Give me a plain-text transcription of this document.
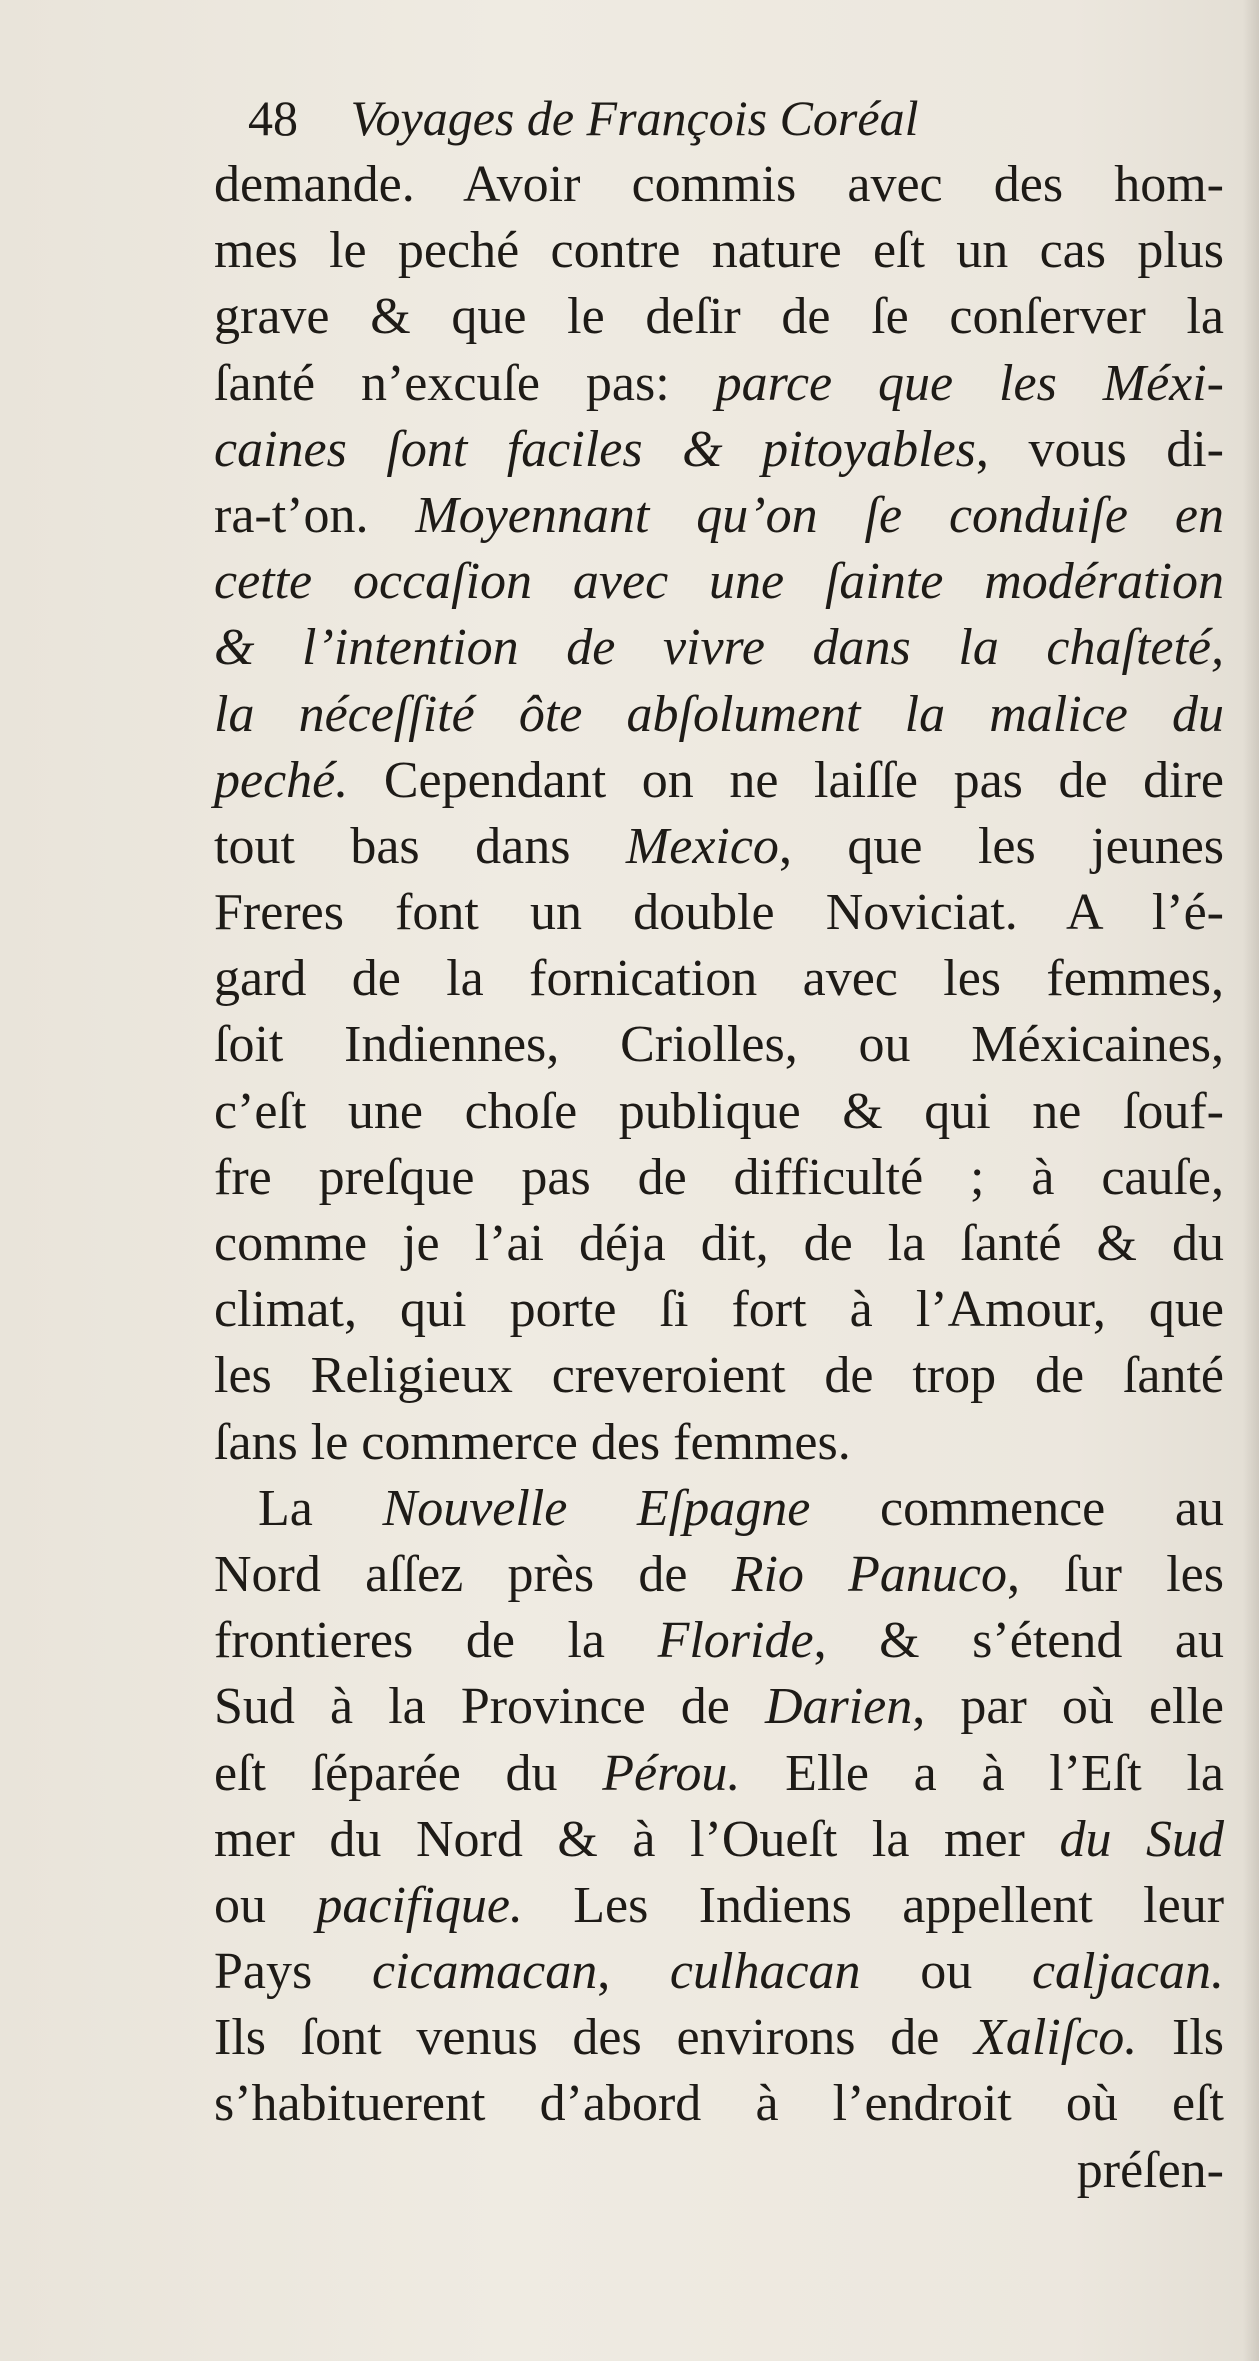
48 Voyages de François Coréal
demande. Avoir commis avec des hom-
mes le peché contre nature eſt un cas plus
grave & que le deſir de ſe conſerver la
ſanté n’excuſe pas: parce que les Méxi-
caines ſont faciles & pitoyables, vous di-
ra-t’on. Moyennant qu’on ſe conduiſe en
cette occaſion avec une ſainte modération
& l’intention de vivre dans la chaſteté,
la néceſſité ôte abſolument la malice du
peché. Cependant on ne laiſſe pas de dire
tout bas dans Mexico, que les jeunes
Freres font un double Noviciat. A l’é-
gard de la fornication avec les femmes,
ſoit Indiennes, Criolles, ou Méxicaines,
c’eſt une choſe publique & qui ne ſouf-
fre preſque pas de difficulté ; à cauſe,
comme je l’ai déja dit, de la ſanté & du
climat, qui porte ſi fort à l’Amour, que
les Religieux creveroient de trop de ſanté
ſans le commerce des femmes.
La Nouvelle Eſpagne commence au
Nord aſſez près de Rio Panuco, ſur les
frontieres de la Floride, & s’étend au
Sud à la Province de Darien, par où elle
eſt ſéparée du Pérou. Elle a à l’Eſt la
mer du Nord & à l’Oueſt la mer du Sud
ou pacifique. Les Indiens appellent leur
Pays cicamacan, culhacan ou caljacan.
Ils ſont venus des environs de Xaliſco. Ils
s’habituerent d’abord à l’endroit où eſt
préſen-
